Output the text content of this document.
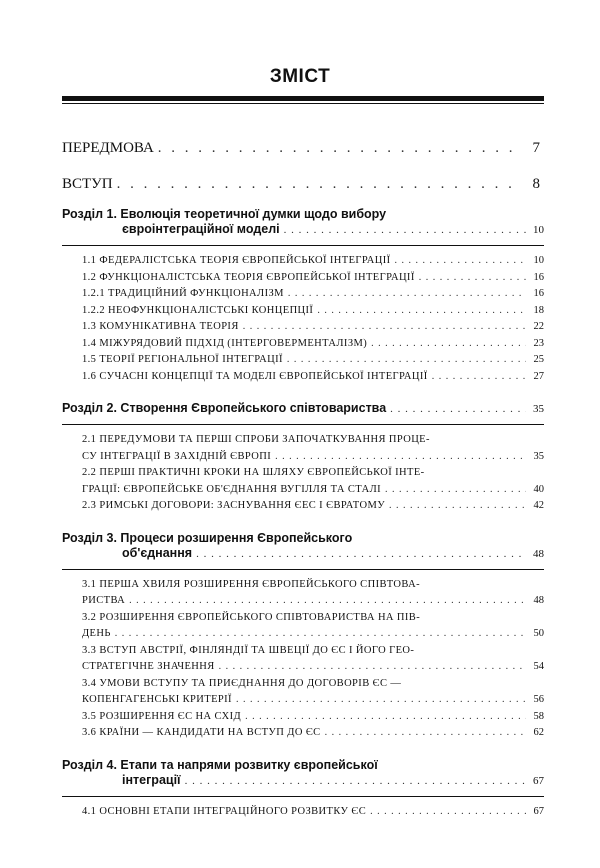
ЗМІСТ
ПЕРЕДМОВА . . .	7
ВСТУП . . .	8
Розділ 1. Еволюція теоретичної думки щодо вибору
євроінтеграційної моделі . . .	10
1.1 ФЕДЕРАЛІСТСЬКА ТЕОРІЯ ЄВРОПЕЙСЬКОЇ ІНТЕГРАЦІЇ . . .	10
1.2 ФУНКЦІОНАЛІСТСЬКА ТЕОРІЯ ЄВРОПЕЙСЬКОЇ ІНТЕГРАЦІЇ . . .	16
1.2.1 ТРАДИЦІЙНИЙ ФУНКЦІОНАЛІЗМ . . .	16
1.2.2 НЕОФУНКЦІОНАЛІСТСЬКІ КОНЦЕПЦІЇ . . .	18
1.3 КОМУНІКАТИВНА ТЕОРІЯ . . .	22
1.4 МІЖУРЯДОВИЙ ПІДХІД (ІНТЕРГОВЕРМЕНТАЛІЗМ) . . .	23
1.5 ТЕОРІЇ РЕГІОНАЛЬНОЇ ІНТЕГРАЦІЇ . . .	25
1.6 СУЧАСНІ КОНЦЕПЦІЇ ТА МОДЕЛІ ЄВРОПЕЙСЬКОЇ ІНТЕГРАЦІЇ . . .	27
Розділ 2. Створення Європейського співтовариства . . .	35
2.1 ПЕРЕДУМОВИ ТА ПЕРШІ СПРОБИ ЗАПОЧАТКУВАННЯ ПРОЦЕ-
СУ ІНТЕГРАЦІЇ В ЗАХІДНІЙ ЄВРОПІ . . .	35
2.2 ПЕРШІ ПРАКТИЧНІ КРОКИ НА ШЛЯХУ ЄВРОПЕЙСЬКОЇ ІНТЕ-
ГРАЦІЇ: ЄВРОПЕЙСЬКЕ ОБ'ЄДНАННЯ ВУГІЛЛЯ ТА СТАЛІ . . .	40
2.3 РИМСЬКІ ДОГОВОРИ: ЗАСНУВАННЯ ЄЕС І ЄВРАТОМУ . . .	42
Розділ 3. Процеси розширення Європейського
об'єднання . . .	48
3.1 ПЕРША ХВИЛЯ РОЗШИРЕННЯ ЄВРОПЕЙСЬКОГО СПІВТОВА-
РИСТВА . . .	48
3.2 РОЗШИРЕННЯ ЄВРОПЕЙСЬКОГО СПІВТОВАРИСТВА НА ПІВ-
ДЕНЬ . . .	50
3.3 ВСТУП АВСТРІЇ, ФІНЛЯНДІЇ ТА ШВЕЦІЇ ДО ЄС І ЙОГО ГЕО-
СТРАТЕГІЧНЕ ЗНАЧЕННЯ . . .	54
3.4 УМОВИ ВСТУПУ ТА ПРИЄДНАННЯ ДО ДОГОВОРІВ ЄС —
КОПЕНГАГЕНСЬКІ КРИТЕРІЇ . . .	56
3.5 РОЗШИРЕННЯ ЄС НА СХІД . . .	58
3.6 КРАЇНИ — КАНДИДАТИ НА ВСТУП ДО ЄС . . .	62
Розділ 4. Етапи та напрями розвитку європейської
інтеграції . . .	67
4.1 ОСНОВНІ ЕТАПИ ІНТЕГРАЦІЙНОГО РОЗВИТКУ ЄС . . .	67
